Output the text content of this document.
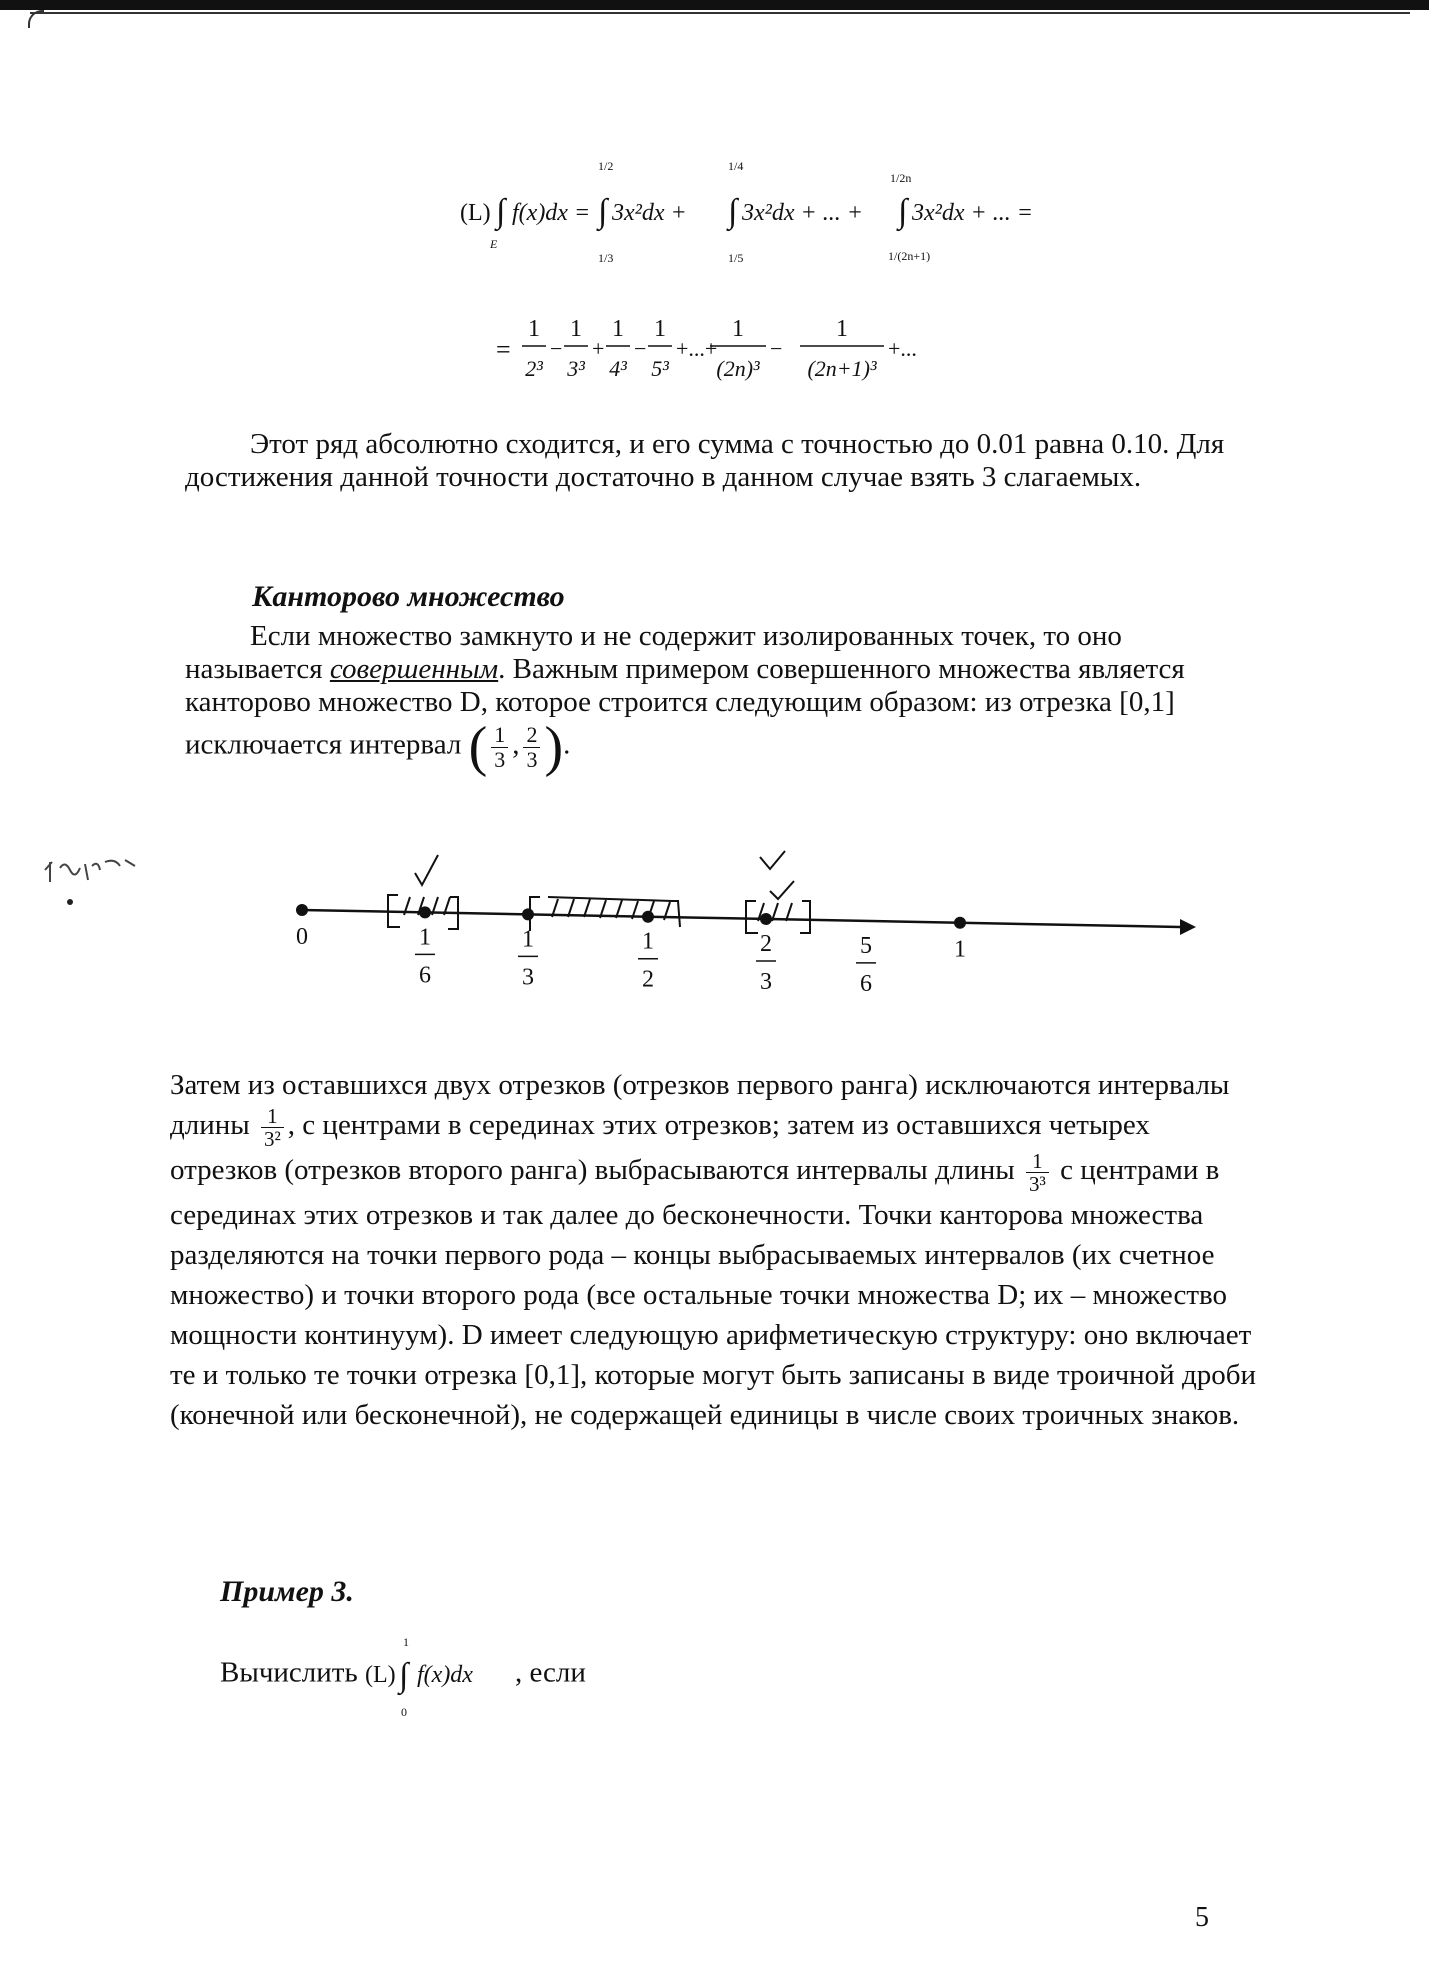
(L) ∫
E
f(x)dx =
1/2
∫
1/3
3x²dx +
1/4
∫
1/5
3x²dx + ... +
1/2n
∫
1/(2n+1)
3x²dx + ... =
=
1
2³
−
1
3³
+
1
4³
−
1
5³
+...+
1
(2n)³
−
1
(2n+1)³
+...
Этот ряд абсолютно сходится, и его сумма с точностью до 0.01 равна 0.10. Для достижения данной точности достаточно в данном случае взять 3 слагаемых.
Канторово множество
Если множество замкнуто и не содержит изолированных точек, то оно называется совершенным. Важным примером совершенного множества является канторово множество D, которое строится следующим образом: из отрезка [0,1] исключается интервал ( $\frac{1}{3}$ , $\frac{2}{3}$ ).
0	1
6
1
3
1
2
2
3
5
6
1
Затем из оставшихся двух отрезков (отрезков первого ранга) исключаются интервалы длины $\frac{1}{\text{3²}}$ , с центрами в серединах этих отрезков; затем из оставшихся четырех отрезков (отрезков второго ранга) выбрасываются интервалы длины $\frac{1}{\text{3³}}$ с центрами в серединах этих отрезков и так далее до бесконечности. Точки канторова множества разделяются на точки первого рода – концы выбрасываемых интервалов (их счетное множество) и точки второго рода (все остальные точки множества D; их – множество мощности континуум). D имеет следующую арифметическую структуру: оно включает те и только те точки отрезка [0,1], которые могут быть записаны в виде троичной дроби (конечной или бесконечной), не содержащей единицы в числе своих троичных знаков.
Пример 3.
Вычислить (L)
1
∫
0
f(x)dx , если
5
